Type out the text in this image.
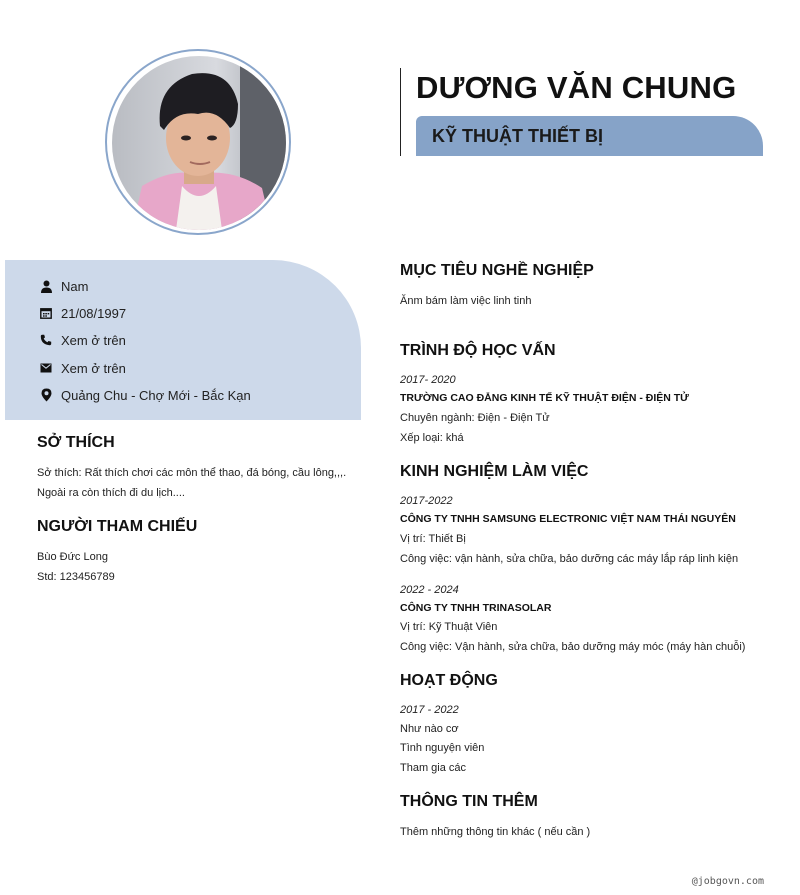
DƯƠNG VĂN CHUNG
KỸ THUẬT THIẾT BỊ
Nam
21/08/1997
Xem ở trên
Xem ở trên
Quảng Chu - Chợ Mới - Bắc Kạn
SỞ THÍCH
Sở thích: Rất thích chơi các môn thể thao, đá bóng, cầu lông,,,.
Ngoài ra còn thích đi du lịch....
NGƯỜI THAM CHIẾU
Bùo Đức Long
Std: 123456789
MỤC TIÊU NGHỀ NGHIỆP
Ănm bám làm việc linh tinh
TRÌNH ĐỘ HỌC VẤN
2017- 2020
TRƯỜNG CAO ĐẲNG KINH TẾ KỸ THUẬT ĐIỆN - ĐIỆN TỬ
Chuyên ngành: Điện - Điện Tử
Xếp loại: khá
KINH NGHIỆM LÀM VIỆC
2017-2022
CÔNG TY TNHH SAMSUNG ELECTRONIC VIỆT NAM THÁI NGUYÊN
Vị trí: Thiết Bị
Công việc: vận hành, sửa chữa, bảo dưỡng các máy lắp ráp linh kiện
2022 - 2024
CÔNG TY TNHH TRINASOLAR
Vị trí: Kỹ Thuật Viên
Công việc: Vận hành, sửa chữa, bảo dưỡng máy móc (máy hàn chuỗi)
HOẠT ĐỘNG
2017 - 2022
Như nào cơ
Tình nguyện viên
Tham gia các
THÔNG TIN THÊM
Thêm những thông tin khác ( nếu cần )
@jobgovn.com
